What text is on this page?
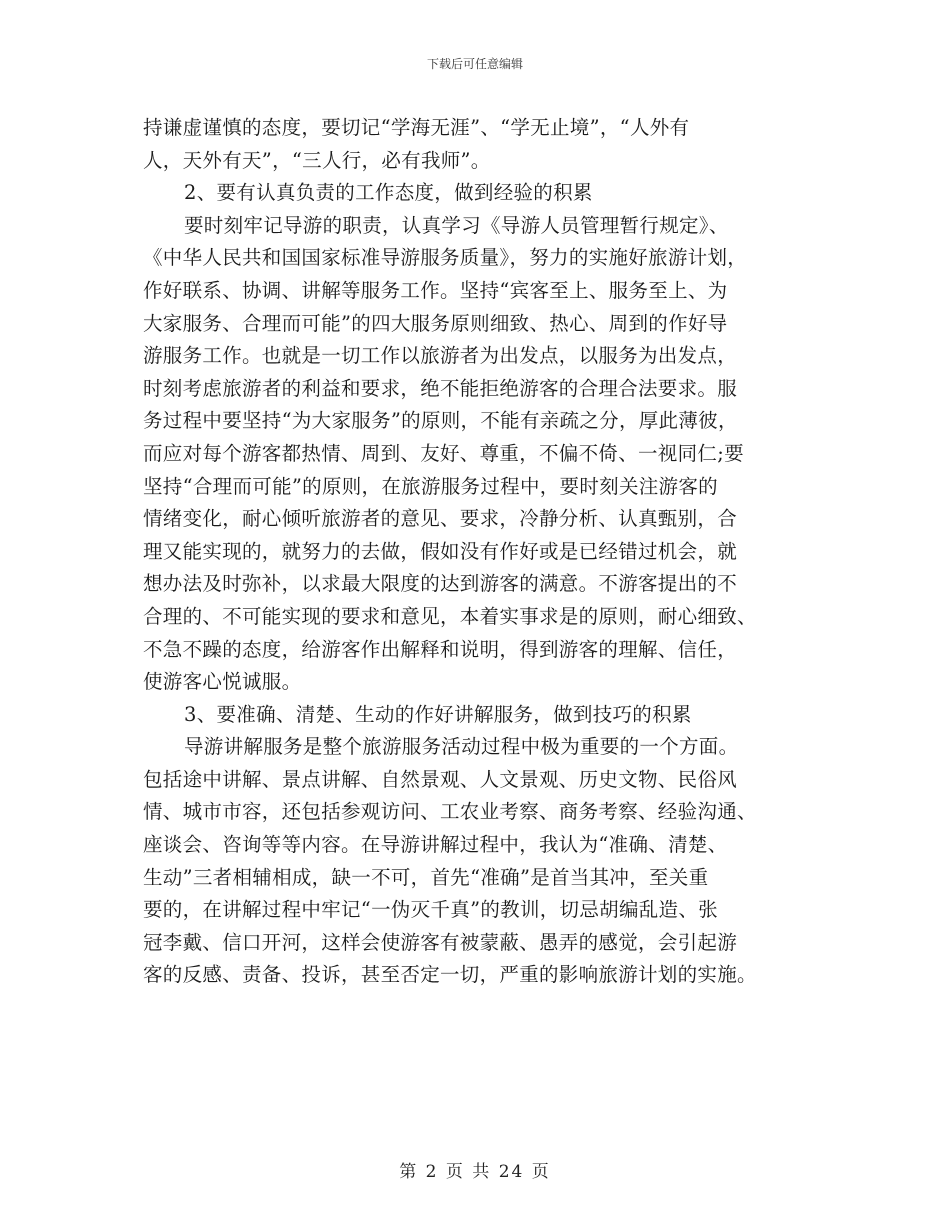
下载后可任意编辑
持谦虚谨慎的态度，要切记“学海无涯”、“学无止境”，“人外有
人，天外有天”，“三人行，必有我师”。
2、要有认真负责的工作态度，做到经验的积累
要时刻牢记导游的职责，认真学习《导游人员管理暂行规定》、
《中华人民共和国国家标准导游服务质量》，努力的实施好旅游计划，
作好联系、协调、讲解等服务工作。坚持“宾客至上、服务至上、为
大家服务、合理而可能”的四大服务原则细致、热心、周到的作好导
游服务工作。也就是一切工作以旅游者为出发点，以服务为出发点，
时刻考虑旅游者的利益和要求，绝不能拒绝游客的合理合法要求。服
务过程中要坚持“为大家服务”的原则，不能有亲疏之分，厚此薄彼，
而应对每个游客都热情、周到、友好、尊重，不偏不倚、一视同仁;要
坚持“合理而可能”的原则，在旅游服务过程中，要时刻关注游客的
情绪变化，耐心倾听旅游者的意见、要求，冷静分析、认真甄别，合
理又能实现的，就努力的去做，假如没有作好或是已经错过机会，就
想办法及时弥补，以求最大限度的达到游客的满意。不游客提出的不
合理的、不可能实现的要求和意见，本着实事求是的原则，耐心细致、
不急不躁的态度，给游客作出解释和说明，得到游客的理解、信任，
使游客心悦诚服。
3、要准确、清楚、生动的作好讲解服务，做到技巧的积累
导游讲解服务是整个旅游服务活动过程中极为重要的一个方面。
包括途中讲解、景点讲解、自然景观、人文景观、历史文物、民俗风
情、城市市容，还包括参观访问、工农业考察、商务考察、经验沟通、
座谈会、咨询等等内容。在导游讲解过程中，我认为“准确、清楚、
生动”三者相辅相成，缺一不可，首先“准确”是首当其冲，至关重
要的，在讲解过程中牢记“一伪灭千真”的教训，切忌胡编乱造、张
冠李戴、信口开河，这样会使游客有被蒙蔽、愚弄的感觉，会引起游
客的反感、责备、投诉，甚至否定一切，严重的影响旅游计划的实施。
第 2 页 共 24 页
